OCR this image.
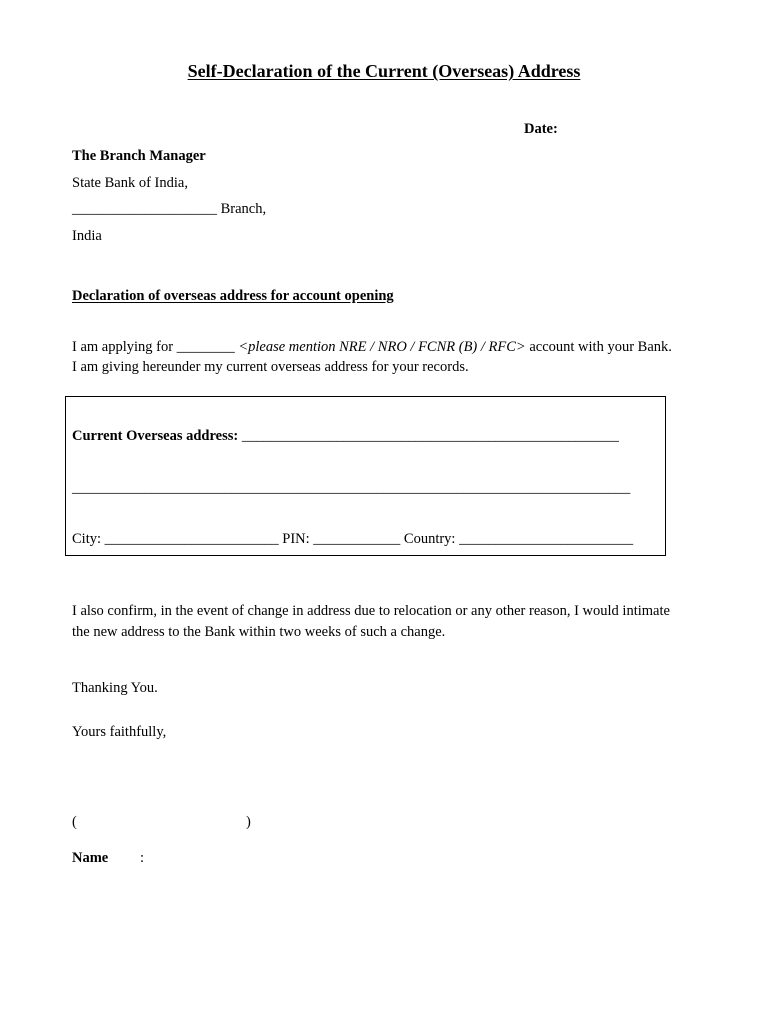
Self-Declaration of the Current (Overseas) Address
Date:
The Branch Manager
State Bank of India,
____________________ Branch,
India
Declaration of overseas address for account opening
I am applying for ________ <please mention NRE / NRO / FCNR (B) / RFC> account with your Bank.
I am giving hereunder my current overseas address for your records.
Current Overseas address: ____________________________________________________
_____________________________________________________________________________
City: ________________________ PIN: ____________ Country: ________________________
I also confirm, in the event of change in address due to relocation or any other reason, I would intimate
the new address to the Bank within two weeks of such a change.
Thanking You.
Yours faithfully,
(	)
Name :
